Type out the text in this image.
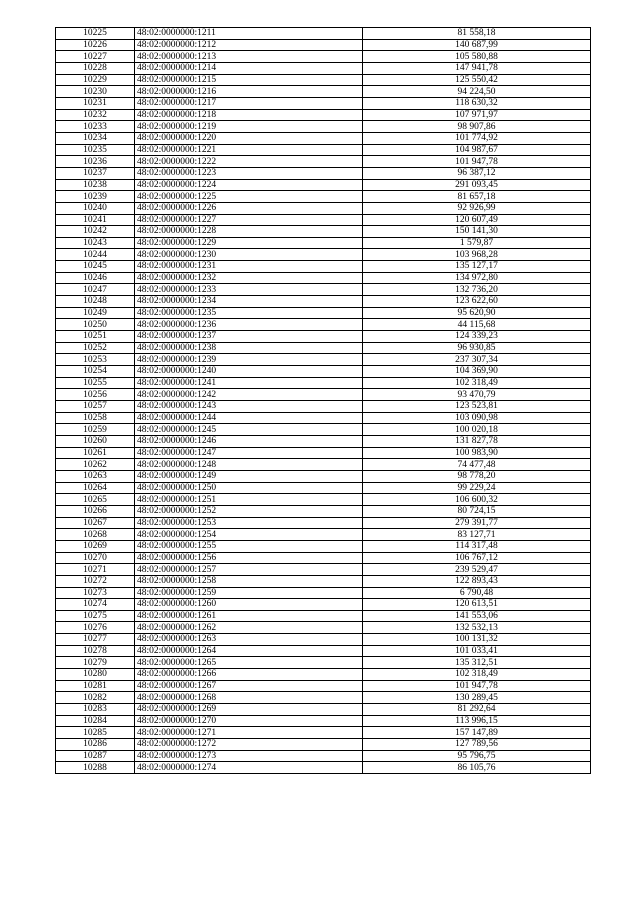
10225	48:02:0000000:1211	81 558,18
10226	48:02:0000000:1212	140 687,99
10227	48:02:0000000:1213	105 580,88
10228	48:02:0000000:1214	147 941,78
10229	48:02:0000000:1215	125 550,42
10230	48:02:0000000:1216	94 224,50
10231	48:02:0000000:1217	118 630,32
10232	48:02:0000000:1218	107 971,97
10233	48:02:0000000:1219	98 907,86
10234	48:02:0000000:1220	101 774,92
10235	48:02:0000000:1221	104 987,67
10236	48:02:0000000:1222	101 947,78
10237	48:02:0000000:1223	96 387,12
10238	48:02:0000000:1224	291 093,45
10239	48:02:0000000:1225	81 657,18
10240	48:02:0000000:1226	92 926,99
10241	48:02:0000000:1227	120 607,49
10242	48:02:0000000:1228	150 141,30
10243	48:02:0000000:1229	1 579,87
10244	48:02:0000000:1230	103 968,28
10245	48:02:0000000:1231	135 127,17
10246	48:02:0000000:1232	134 972,80
10247	48:02:0000000:1233	132 736,20
10248	48:02:0000000:1234	123 622,60
10249	48:02:0000000:1235	95 620,90
10250	48:02:0000000:1236	44 115,68
10251	48:02:0000000:1237	124 339,23
10252	48:02:0000000:1238	96 930,85
10253	48:02:0000000:1239	237 307,34
10254	48:02:0000000:1240	104 369,90
10255	48:02:0000000:1241	102 318,49
10256	48:02:0000000:1242	93 470,79
10257	48:02:0000000:1243	123 523,81
10258	48:02:0000000:1244	103 090,98
10259	48:02:0000000:1245	100 020,18
10260	48:02:0000000:1246	131 827,78
10261	48:02:0000000:1247	100 983,90
10262	48:02:0000000:1248	74 477,48
10263	48:02:0000000:1249	98 778,20
10264	48:02:0000000:1250	99 229,24
10265	48:02:0000000:1251	106 600,32
10266	48:02:0000000:1252	80 724,15
10267	48:02:0000000:1253	279 391,77
10268	48:02:0000000:1254	83 127,71
10269	48:02:0000000:1255	114 317,48
10270	48:02:0000000:1256	106 767,12
10271	48:02:0000000:1257	239 529,47
10272	48:02:0000000:1258	122 893,43
10273	48:02:0000000:1259	6 790,48
10274	48:02:0000000:1260	120 613,51
10275	48:02:0000000:1261	141 553,06
10276	48:02:0000000:1262	132 532,13
10277	48:02:0000000:1263	100 131,32
10278	48:02:0000000:1264	101 033,41
10279	48:02:0000000:1265	135 312,51
10280	48:02:0000000:1266	102 318,49
10281	48:02:0000000:1267	101 947,78
10282	48:02:0000000:1268	130 289,45
10283	48:02:0000000:1269	81 292,64
10284	48:02:0000000:1270	113 996,15
10285	48:02:0000000:1271	157 147,89
10286	48:02:0000000:1272	127 789,56
10287	48:02:0000000:1273	95 796,75
10288	48:02:0000000:1274	86 105,76
